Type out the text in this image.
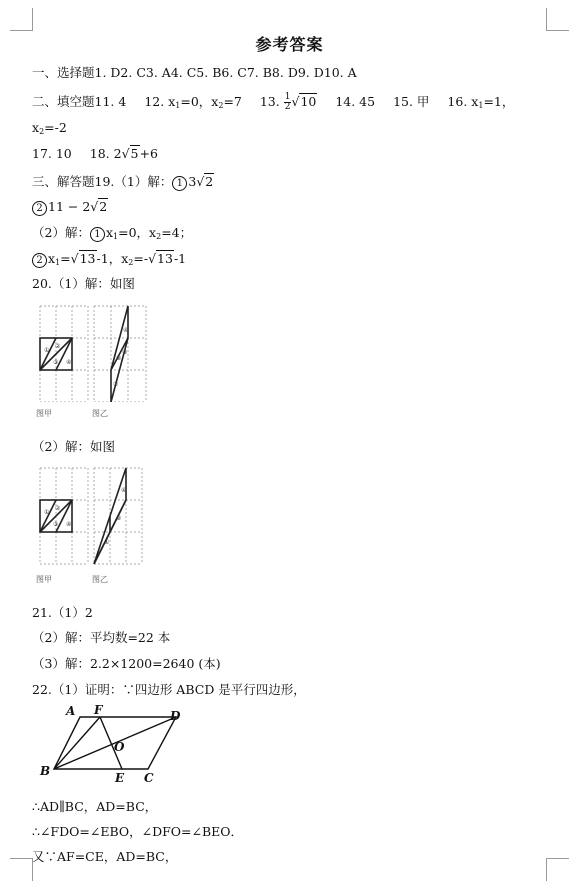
参考答案
一、选择题1. D2. C3. A4. C5. B6. C7. B8. D9. D10. A
二、填空题11. 4 12. $x_1=0$，$x_2=7$ 13. $\frac{1}{2} √10$ 14. 45 15. 甲 16. $x_1=1$，
$x_2=-2$
17. 10 18. 2√5+6
三、解答题19.（1）解： 1 3√2
2 11 − 2√2
（2）解： 1 $x_1=0$，$x_2=4$；
2 $x_1=√13-1$，$x_2=-√13-1$
20.（1）解：如图
①
②
③ ④
④
②
③
①
图甲	图乙
（2）解：如图
①
②
③ ④
④
②
①
图甲	图乙
21.（1）2
（2）解：平均数=22 本
（3）解：2.2×1200=2640 (本)
22.（1）证明：∵四边形 ABCD 是平行四边形，
A F	D
O
B	E C
∴AD∥BC，AD=BC，
∴∠FDO=∠EBO，∠DFO=∠BEO．
又∵AF=CE，AD=BC，
